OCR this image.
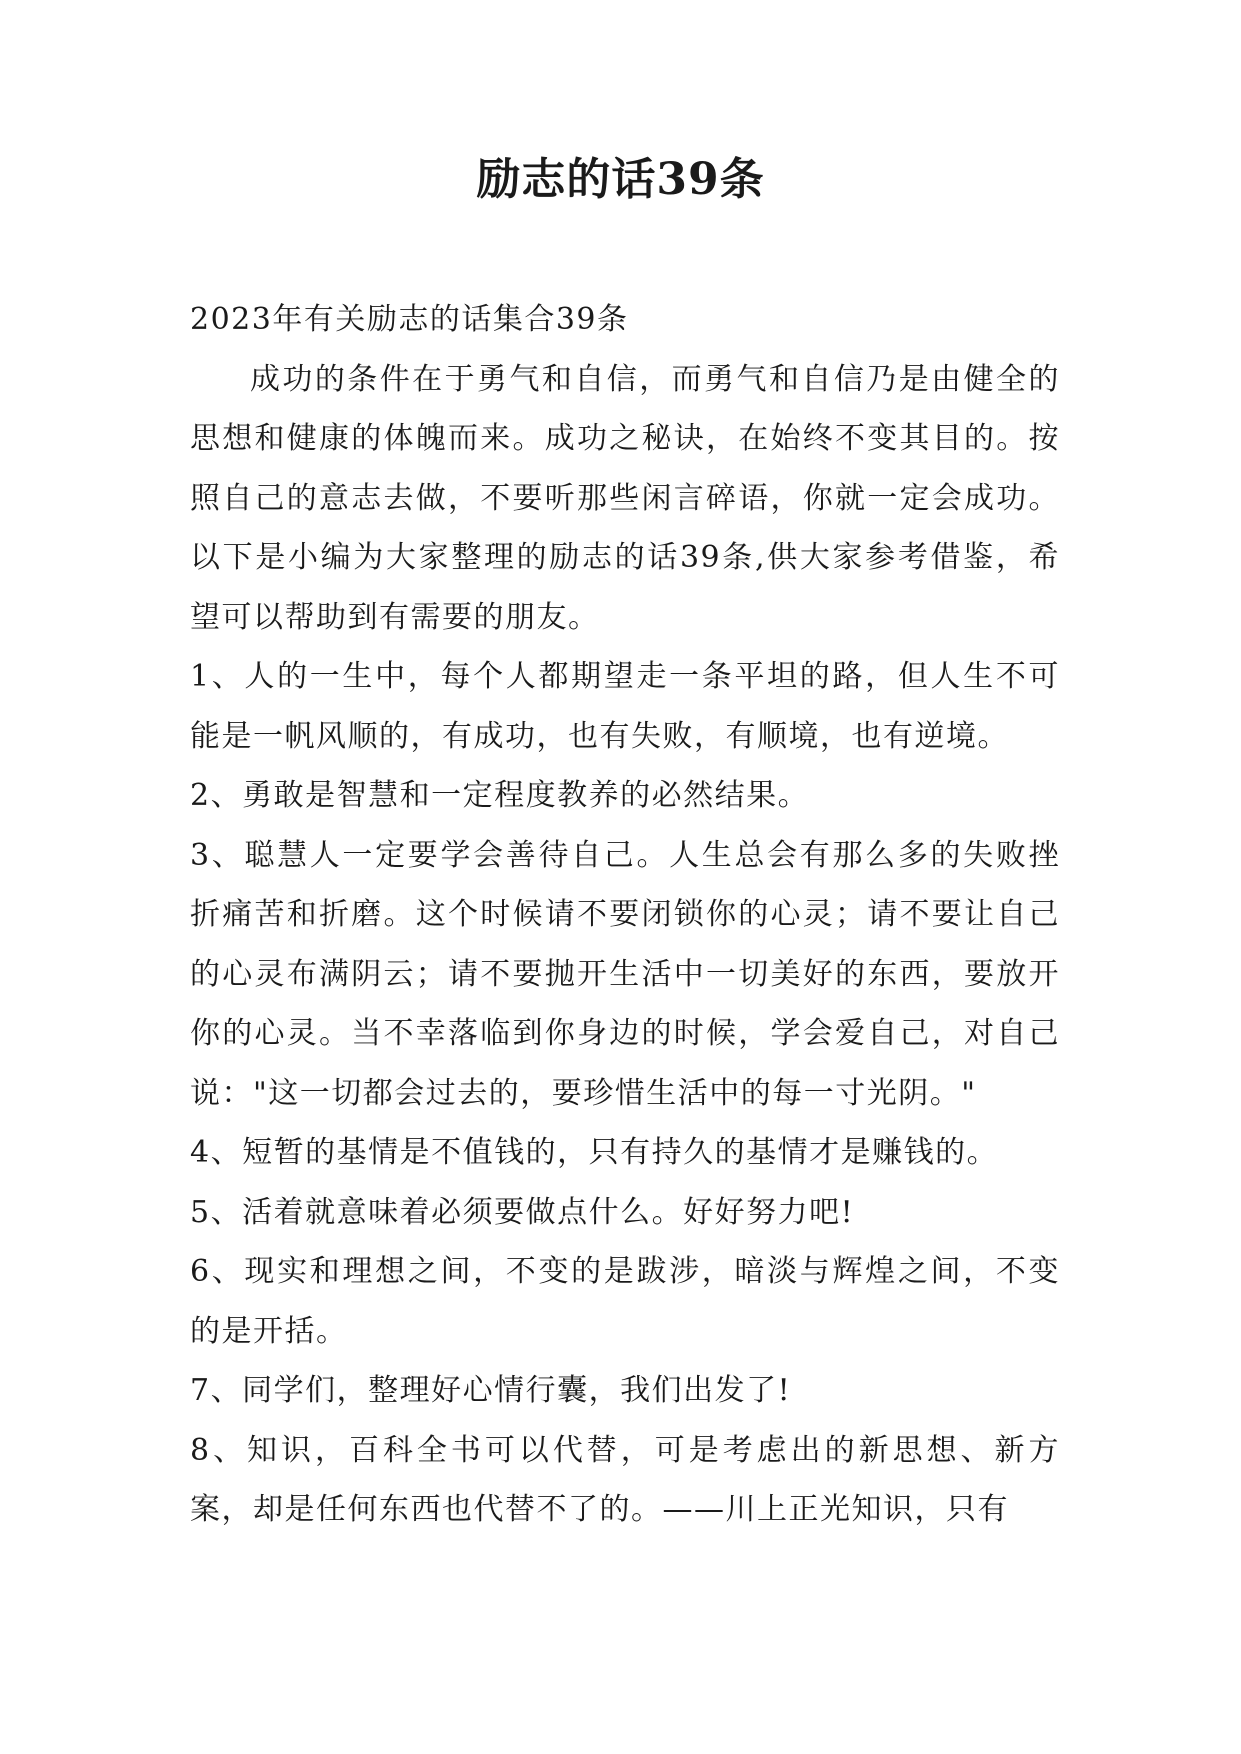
励志的话39条

2023年有关励志的话集合39条

成功的条件在于勇气和自信，而勇气和自信乃是由健全的思想和健康的体魄而来。成功之秘诀，在始终不变其目的。按照自己的意志去做，不要听那些闲言碎语，你就一定会成功。以下是小编为大家整理的励志的话39条,供大家参考借鉴，希望可以帮助到有需要的朋友。

1、人的一生中，每个人都期望走一条平坦的路，但人生不可能是一帆风顺的，有成功，也有失败，有顺境，也有逆境。

2、勇敢是智慧和一定程度教养的必然结果。

3、聪慧人一定要学会善待自己。人生总会有那么多的失败挫折痛苦和折磨。这个时候请不要闭锁你的心灵；请不要让自己的心灵布满阴云；请不要抛开生活中一切美好的东西，要放开你的心灵。当不幸落临到你身边的时候，学会爱自己，对自己说："这一切都会过去的，要珍惜生活中的每一寸光阴。"

4、短暂的基情是不值钱的，只有持久的基情才是赚钱的。

5、活着就意味着必须要做点什么。好好努力吧!

6、现实和理想之间，不变的是跋涉，暗淡与辉煌之间，不变的是开括。

7、同学们，整理好心情行囊，我们出发了!

8、知识，百科全书可以代替，可是考虑出的新思想、新方案，却是任何东西也代替不了的。——川上正光知识，只有
